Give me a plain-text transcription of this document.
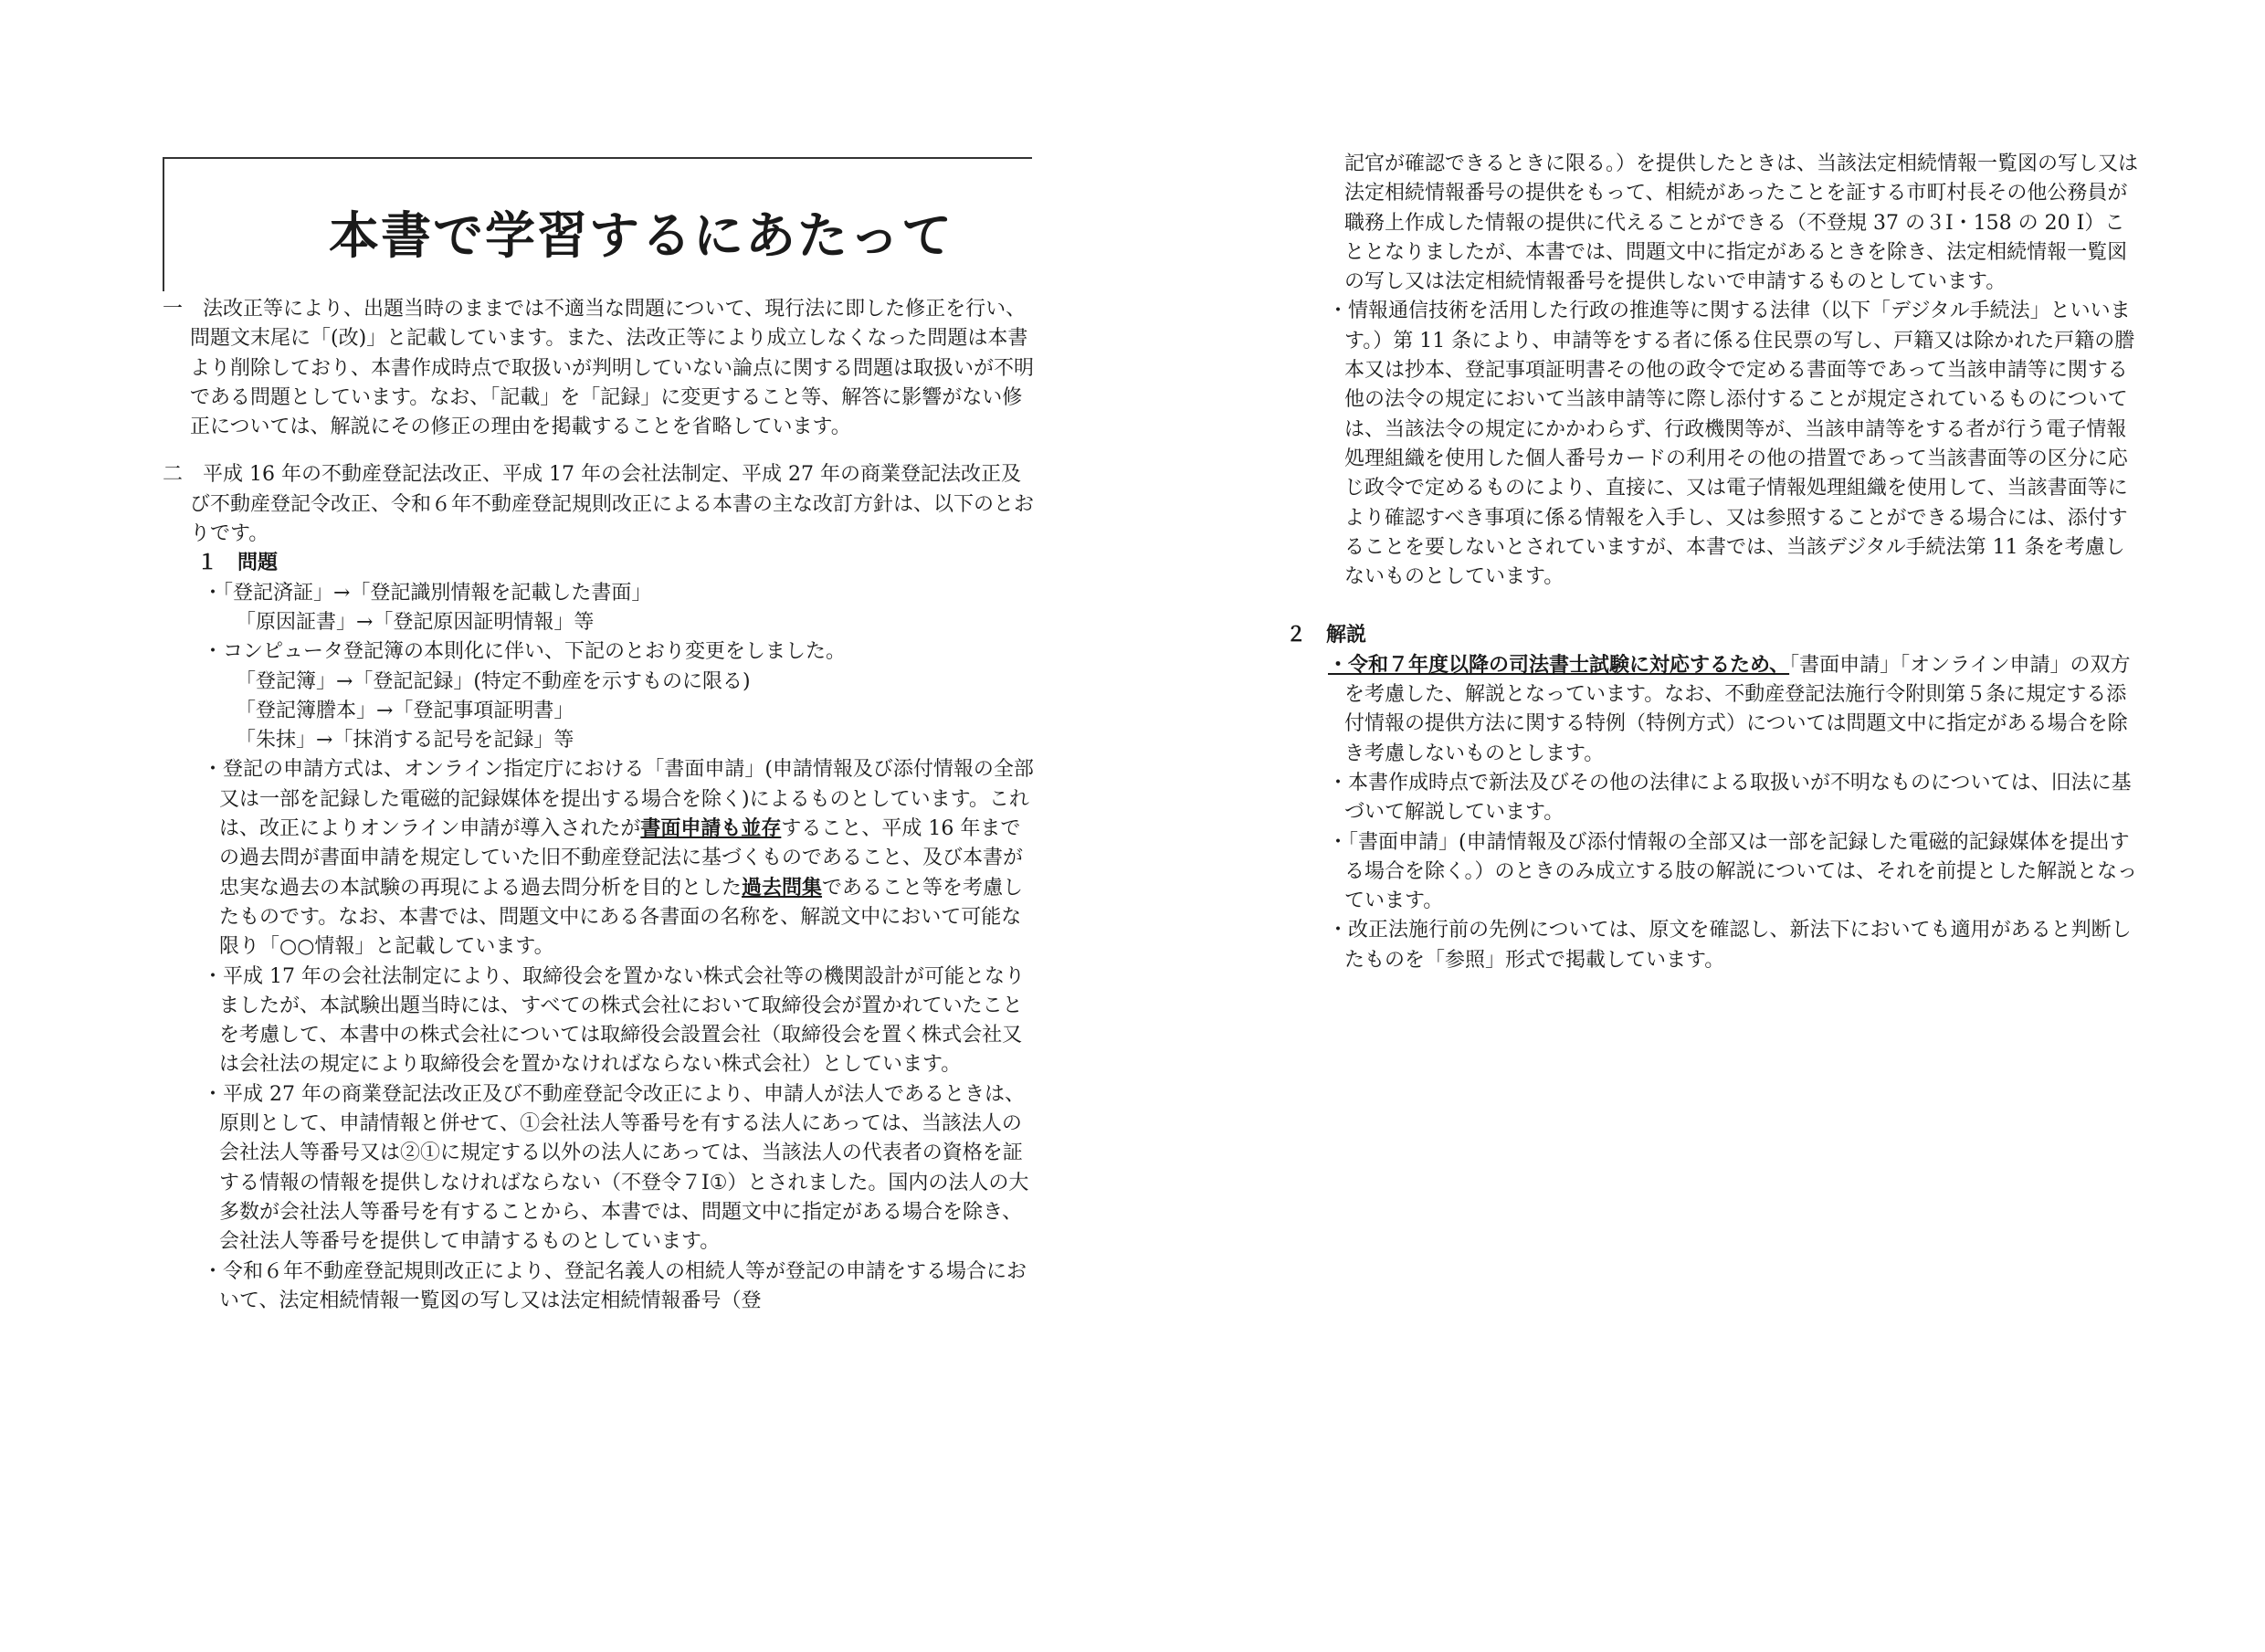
本書で学習するにあたって

一　法改正等により、出題当時のままでは不適当な問題について、現行法に即した修正を行い、問題文末尾に「(改)」と記載しています。また、法改正等により成立しなくなった問題は本書より削除しており、本書作成時点で取扱いが判明していない論点に関する問題は取扱いが不明である問題としています。なお、「記載」を「記録」に変更すること等、解答に影響がない修正については、解説にその修正の理由を掲載することを省略しています。

二　平成 16 年の不動産登記法改正、平成 17 年の会社法制定、平成 27 年の商業登記法改正及び不動産登記令改正、令和６年不動産登記規則改正による本書の主な改訂方針は、以下のとおりです。

１　問題

・「登記済証」→「登記識別情報を記載した書面」

「原因証書」→「登記原因証明情報」等

・コンピュータ登記簿の本則化に伴い、下記のとおり変更をしました。

「登記簿」→「登記記録」(特定不動産を示すものに限る)

「登記簿謄本」→「登記事項証明書」

「朱抹」→「抹消する記号を記録」等

・登記の申請方式は、オンライン指定庁における「書面申請」(申請情報及び添付情報の全部又は一部を記録した電磁的記録媒体を提出する場合を除く)によるものとしています。これは、改正によりオンライン申請が導入されたが書面申請も並存すること、平成 16 年までの過去問が書面申請を規定していた旧不動産登記法に基づくものであること、及び本書が忠実な過去の本試験の再現による過去問分析を目的とした過去問集であること等を考慮したものです。なお、本書では、問題文中にある各書面の名称を、解説文中において可能な限り「○○情報」と記載しています。

・平成 17 年の会社法制定により、取締役会を置かない株式会社等の機関設計が可能となりましたが、本試験出題当時には、すべての株式会社において取締役会が置かれていたことを考慮して、本書中の株式会社については取締役会設置会社（取締役会を置く株式会社又は会社法の規定により取締役会を置かなければならない株式会社）としています。

・平成 27 年の商業登記法改正及び不動産登記令改正により、申請人が法人であるときは、原則として、申請情報と併せて、①会社法人等番号を有する法人にあっては、当該法人の会社法人等番号又は②①に規定する以外の法人にあっては、当該法人の代表者の資格を証する情報の情報を提供しなければならない（不登令７Ⅰ①）とされました。国内の法人の大多数が会社法人等番号を有することから、本書では、問題文中に指定がある場合を除き、会社法人等番号を提供して申請するものとしています。

・令和６年不動産登記規則改正により、登記名義人の相続人等が登記の申請をする場合において、法定相続情報一覧図の写し又は法定相続情報番号（登

記官が確認できるときに限る。）を提供したときは、当該法定相続情報一覧図の写し又は法定相続情報番号の提供をもって、相続があったことを証する市町村長その他公務員が職務上作成した情報の提供に代えることができる（不登規 37 の３Ⅰ・158 の 20 Ⅰ）こととなりましたが、本書では、問題文中に指定があるときを除き、法定相続情報一覧図の写し又は法定相続情報番号を提供しないで申請するものとしています。

・情報通信技術を活用した行政の推進等に関する法律（以下「デジタル手続法」といいます。）第 11 条により、申請等をする者に係る住民票の写し、戸籍又は除かれた戸籍の謄本又は抄本、登記事項証明書その他の政令で定める書面等であって当該申請等に関する他の法令の規定において当該申請等に際し添付することが規定されているものについては、当該法令の規定にかかわらず、行政機関等が、当該申請等をする者が行う電子情報処理組織を使用した個人番号カードの利用その他の措置であって当該書面等の区分に応じ政令で定めるものにより、直接に、又は電子情報処理組織を使用して、当該書面等により確認すべき事項に係る情報を入手し、又は参照することができる場合には、添付することを要しないとされていますが、本書では、当該デジタル手続法第 11 条を考慮しないものとしています。

２　解説

・令和７年度以降の司法書士試験に対応するため、「書面申請」「オンライン申請」の双方を考慮した、解説となっています。なお、不動産登記法施行令附則第５条に規定する添付情報の提供方法に関する特例（特例方式）については問題文中に指定がある場合を除き考慮しないものとします。

・本書作成時点で新法及びその他の法律による取扱いが不明なものについては、旧法に基づいて解説しています。

・「書面申請」(申請情報及び添付情報の全部又は一部を記録した電磁的記録媒体を提出する場合を除く。）のときのみ成立する肢の解説については、それを前提とした解説となっています。

・改正法施行前の先例については、原文を確認し、新法下においても適用があると判断したものを「参照」形式で掲載しています。
